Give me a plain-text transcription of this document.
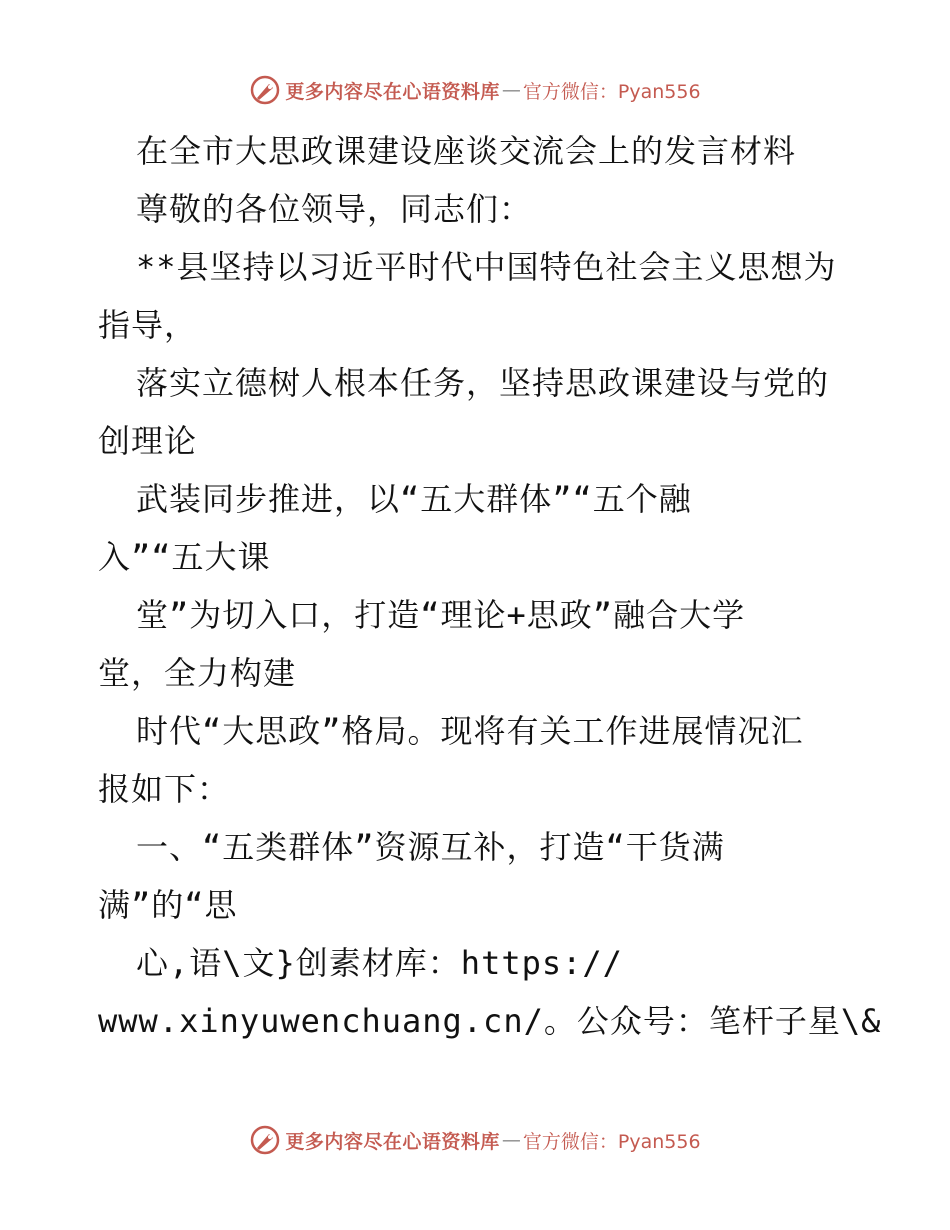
更多内容尽在心语资料库 — 官方微信：Pyan556
在全市大思政课建设座谈交流会上的发言材料
尊敬的各位领导，同志们：
**县坚持以习近平时代中国特色社会主义思想为
指导，
落实立德树人根本任务，坚持思政课建设与党的
创理论
武装同步推进，以“五大群体”“五个融
入”“五大课
堂”为切入口，打造“理论+思政”融合大学
堂，全力构建
时代“大思政”格局。现将有关工作进展情况汇
报如下：
一、“五类群体”资源互补，打造“干货满
满”的“思
心,语\文}创素材库：https://
www.xinyuwenchuang.cn/。公众号：笔杆子星\&
更多内容尽在心语资料库 — 官方微信：Pyan556
